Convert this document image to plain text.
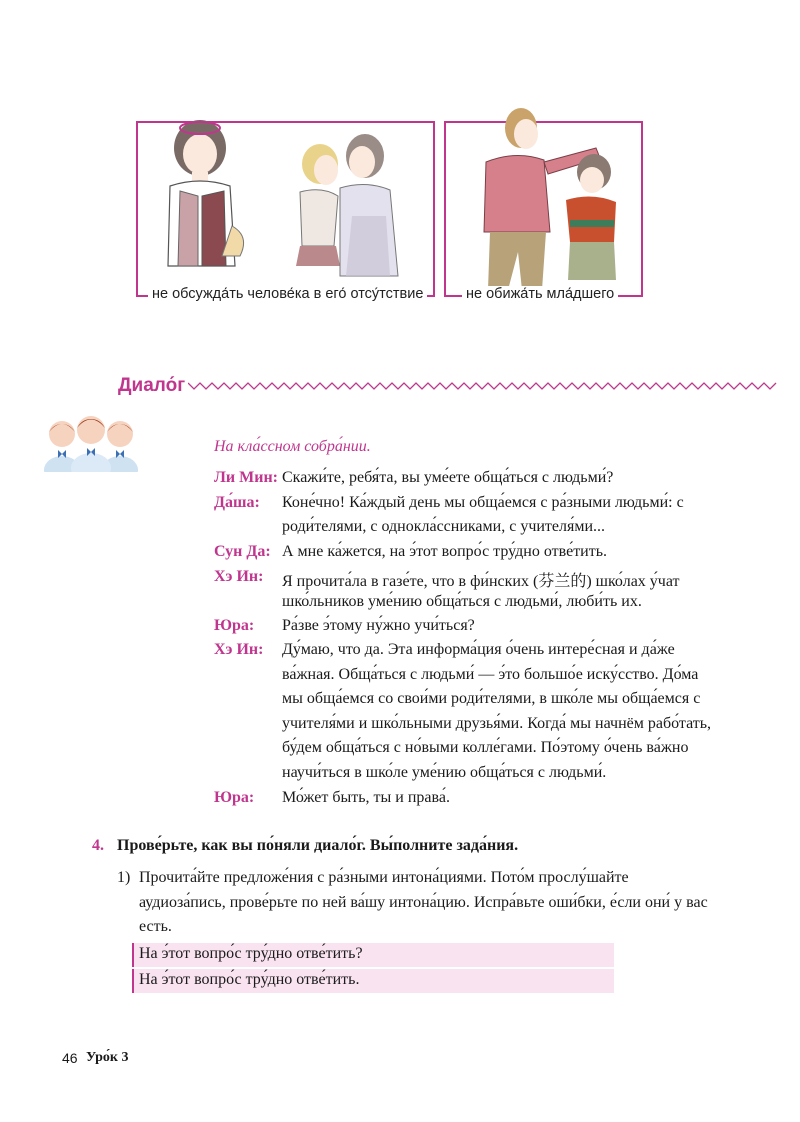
не обсужда́ть челове́ка в его́ отсу́тствие	не обижа́ть мла́дшего
Диало́г
На кла́ссном собра́нии.
Ли Мин: Скажи́те, ребя́та, вы уме́ете обща́ться с людьми́?
Да́ша: Коне́чно! Ка́ждый день мы обща́емся с ра́зными людьми́: с
роди́телями, с однокла́ссниками, с учителя́ми...
Сун Да: А мне ка́жется, на э́тот вопро́с тру́дно отве́тить.
Хэ Ин: Я прочита́ла в газе́те, что в фи́нских (芬兰的) шко́лах у́чат
шко́льников уме́нию обща́ться с людьми́, люби́ть их.
Юра: Ра́зве э́тому ну́жно учи́ться?
Хэ Ин: Ду́маю, что да. Эта информа́ция о́чень интере́сная и да́же
ва́жная. Обща́ться с людьми́ — э́то большо́е иску́сство. До́ма
мы обща́емся со свои́ми роди́телями, в шко́ле мы обща́емся с
учителя́ми и шко́льными друзья́ми. Когда́ мы начнём рабо́тать,
бу́дем обща́ться с но́выми колле́гами. По́этому о́чень ва́жно
научи́ться в шко́ле уме́нию обща́ться с людьми́.
Юра: Мо́жет быть, ты и права́.
4. Прове́рьте, как вы по́няли диало́г. Вы́полните зада́ния.
1) Прочита́йте предложе́ния с ра́зными интона́циями. Пото́м прослу́шайте
аудиоза́пись, прове́рьте по ней ва́шу интона́цию. Испра́вьте оши́бки, е́сли они́ у вас
есть.
На э́тот вопро́с тру́дно отве́тить?
На э́тот вопро́с тру́дно отве́тить.
46 Уро́к 3
